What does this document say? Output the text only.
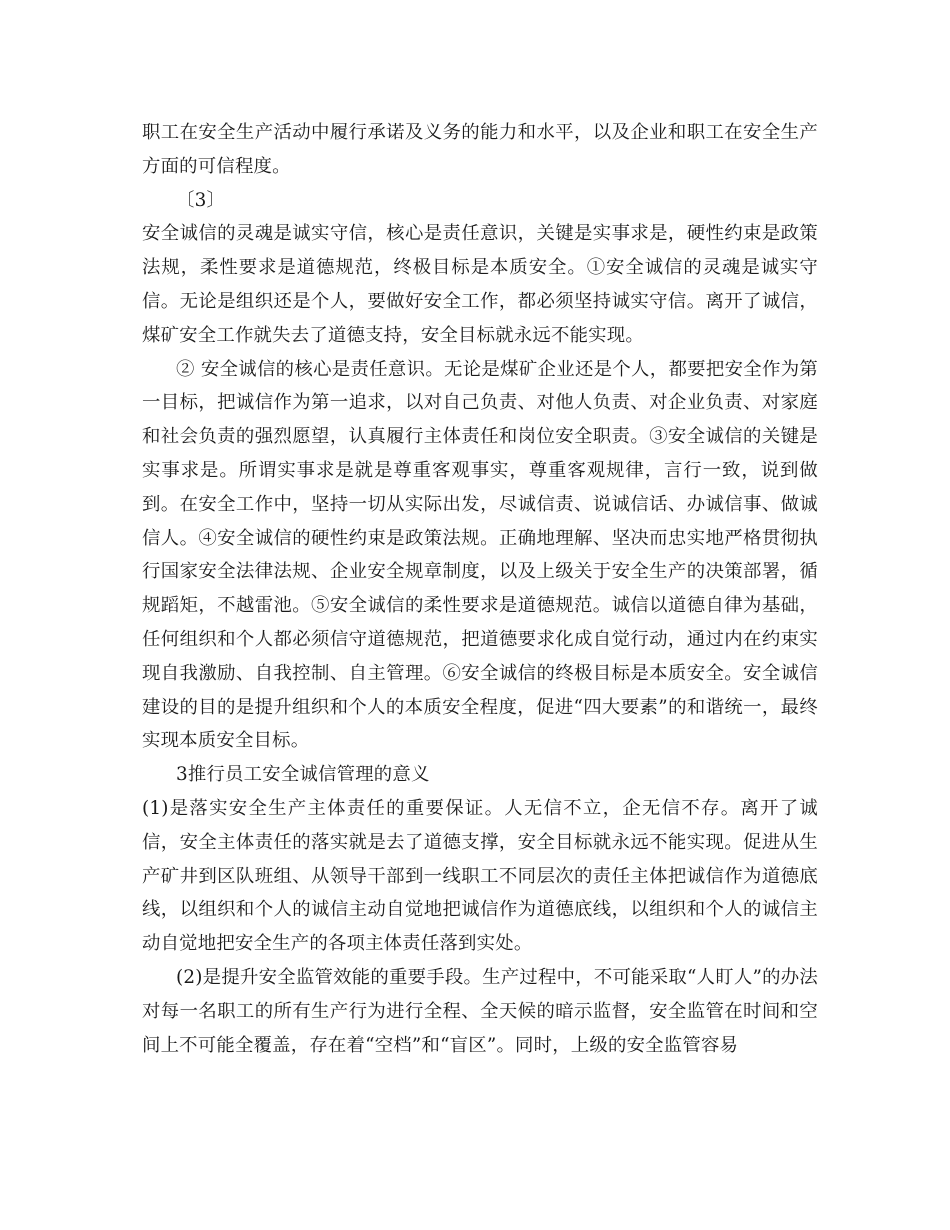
职工在安全生产活动中履行承诺及义务的能力和水平，以及企业和职工在安全生产方面的可信程度。

〔3〕

安全诚信的灵魂是诚实守信，核心是责任意识，关键是实事求是，硬性约束是政策法规，柔性要求是道德规范，终极目标是本质安全。①安全诚信的灵魂是诚实守信。无论是组织还是个人，要做好安全工作，都必须坚持诚实守信。离开了诚信，煤矿安全工作就失去了道德支持，安全目标就永远不能实现。

② 安全诚信的核心是责任意识。无论是煤矿企业还是个人，都要把安全作为第一目标，把诚信作为第一追求，以对自己负责、对他人负责、对企业负责、对家庭和社会负责的强烈愿望，认真履行主体责任和岗位安全职责。③安全诚信的关键是实事求是。所谓实事求是就是尊重客观事实，尊重客观规律，言行一致，说到做到。在安全工作中，坚持一切从实际出发，尽诚信责、说诚信话、办诚信事、做诚信人。④安全诚信的硬性约束是政策法规。正确地理解、坚决而忠实地严格贯彻执行国家安全法律法规、企业安全规章制度，以及上级关于安全生产的决策部署，循规蹈矩，不越雷池。⑤安全诚信的柔性要求是道德规范。诚信以道德自律为基础，任何组织和个人都必须信守道德规范，把道德要求化成自觉行动，通过内在约束实现自我激励、自我控制、自主管理。⑥安全诚信的终极目标是本质安全。安全诚信建设的目的是提升组织和个人的本质安全程度，促进“四大要素”的和谐统一，最终实现本质安全目标。

3推行员工安全诚信管理的意义

(1)是落实安全生产主体责任的重要保证。人无信不立，企无信不存。离开了诚信，安全主体责任的落实就是去了道德支撑，安全目标就永远不能实现。促进从生产矿井到区队班组、从领导干部到一线职工不同层次的责任主体把诚信作为道德底线，以组织和个人的诚信主动自觉地把诚信作为道德底线，以组织和个人的诚信主动自觉地把安全生产的各项主体责任落到实处。

(2)是提升安全监管效能的重要手段。生产过程中，不可能采取“人盯人”的办法对每一名职工的所有生产行为进行全程、全天候的暗示监督，安全监管在时间和空间上不可能全覆盖，存在着“空档”和“盲区”。同时，上级的安全监管容易
